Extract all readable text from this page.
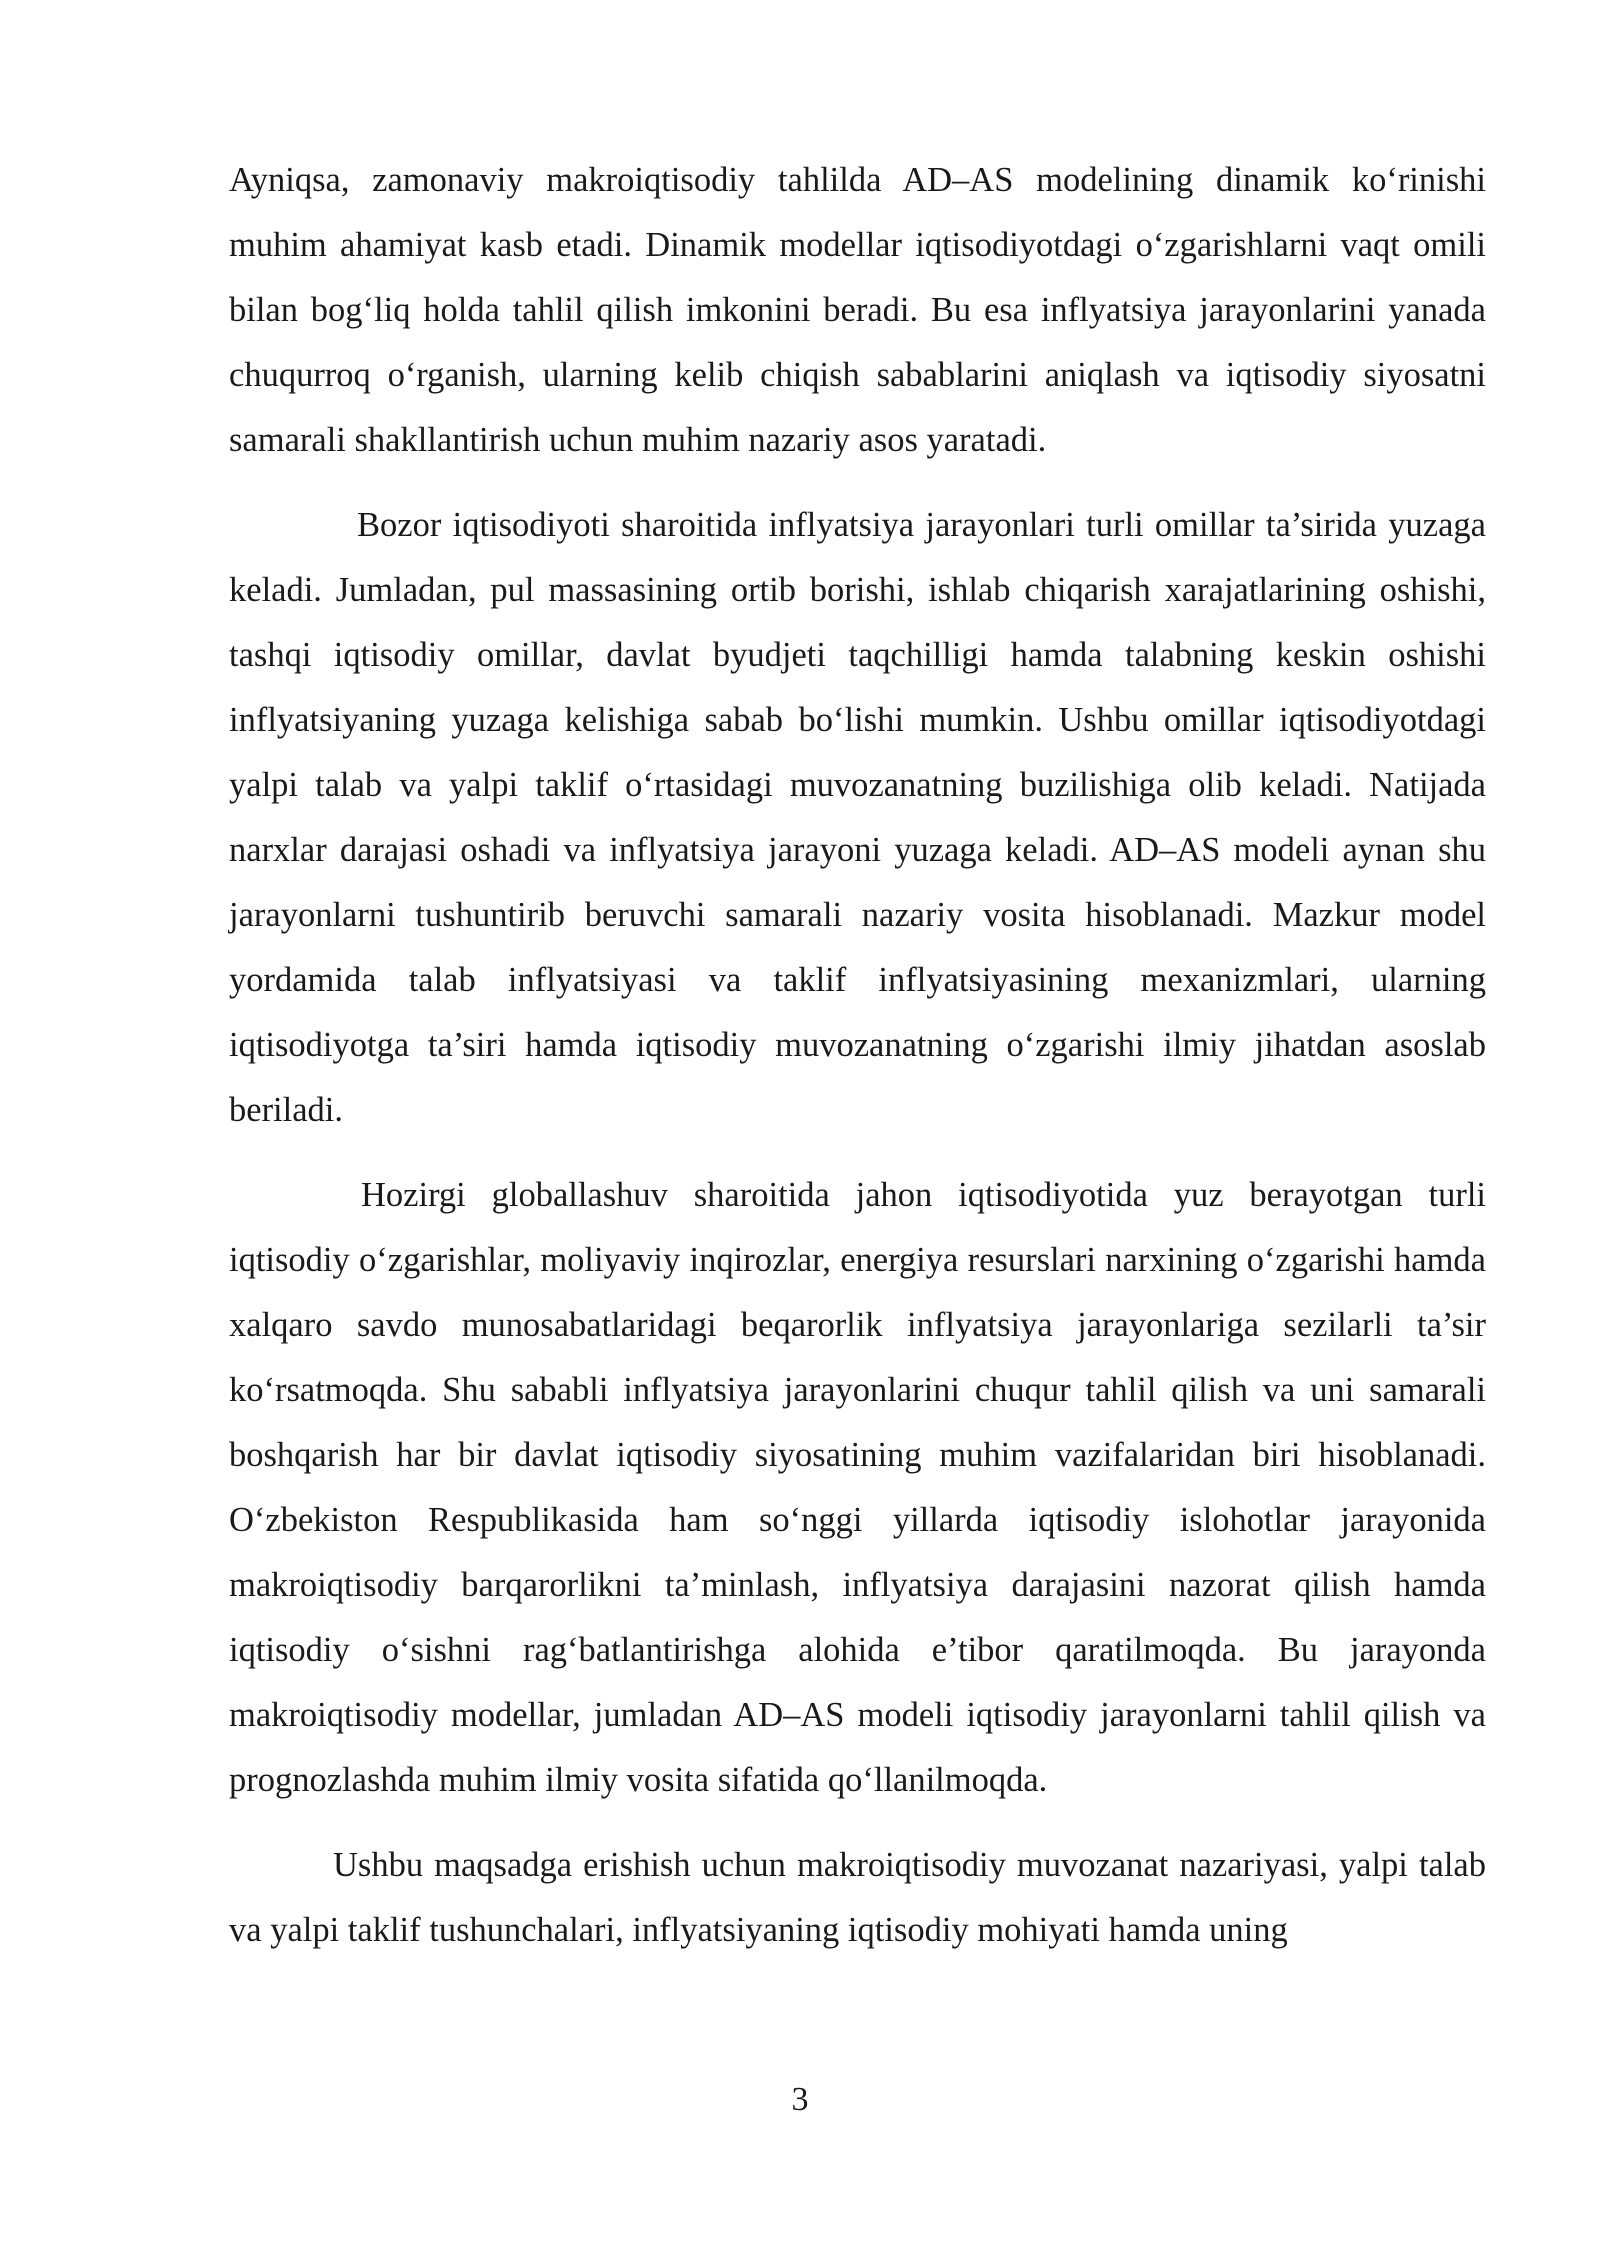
Ayniqsa, zamonaviy makroiqtisodiy tahlilda AD–AS modelining dinamik ko‘rinishi muhim ahamiyat kasb etadi. Dinamik modellar iqtisodiyotdagi o‘zgarishlarni vaqt omili bilan bog‘liq holda tahlil qilish imkonini beradi. Bu esa inflyatsiya jarayonlarini yanada chuqurroq o‘rganish, ularning kelib chiqish sabablarini aniqlash va iqtisodiy siyosatni samarali shakllantirish uchun muhim nazariy asos yaratadi.

Bozor iqtisodiyoti sharoitida inflyatsiya jarayonlari turli omillar ta’sirida yuzaga keladi. Jumladan, pul massasining ortib borishi, ishlab chiqarish xarajatlarining oshishi, tashqi iqtisodiy omillar, davlat byudjeti taqchilligi hamda talabning keskin oshishi inflyatsiyaning yuzaga kelishiga sabab bo‘lishi mumkin. Ushbu omillar iqtisodiyotdagi yalpi talab va yalpi taklif o‘rtasidagi muvozanatning buzilishiga olib keladi. Natijada narxlar darajasi oshadi va inflyatsiya jarayoni yuzaga keladi. AD–AS modeli aynan shu jarayonlarni tushuntirib beruvchi samarali nazariy vosita hisoblanadi. Mazkur model yordamida talab inflyatsiyasi va taklif inflyatsiyasining mexanizmlari, ularning iqtisodiyotga ta’siri hamda iqtisodiy muvozanatning o‘zgarishi ilmiy jihatdan asoslab beriladi.

Hozirgi globallashuv sharoitida jahon iqtisodiyotida yuz berayotgan turli iqtisodiy o‘zgarishlar, moliyaviy inqirozlar, energiya resurslari narxining o‘zgarishi hamda xalqaro savdo munosabatlaridagi beqarorlik inflyatsiya jarayonlariga sezilarli ta’sir ko‘rsatmoqda. Shu sababli inflyatsiya jarayonlarini chuqur tahlil qilish va uni samarali boshqarish har bir davlat iqtisodiy siyosatining muhim vazifalaridan biri hisoblanadi. O‘zbekiston Respublikasida ham so‘nggi yillarda iqtisodiy islohotlar jarayonida makroiqtisodiy barqarorlikni ta’minlash, inflyatsiya darajasini nazorat qilish hamda iqtisodiy o‘sishni rag‘batlantirishga alohida e’tibor qaratilmoqda. Bu jarayonda makroiqtisodiy modellar, jumladan AD–AS modeli iqtisodiy jarayonlarni tahlil qilish va prognozlashda muhim ilmiy vosita sifatida qo‘llanilmoqda.

Ushbu maqsadga erishish uchun makroiqtisodiy muvozanat nazariyasi, yalpi talab va yalpi taklif tushunchalari, inflyatsiyaning iqtisodiy mohiyati hamda uning

3
